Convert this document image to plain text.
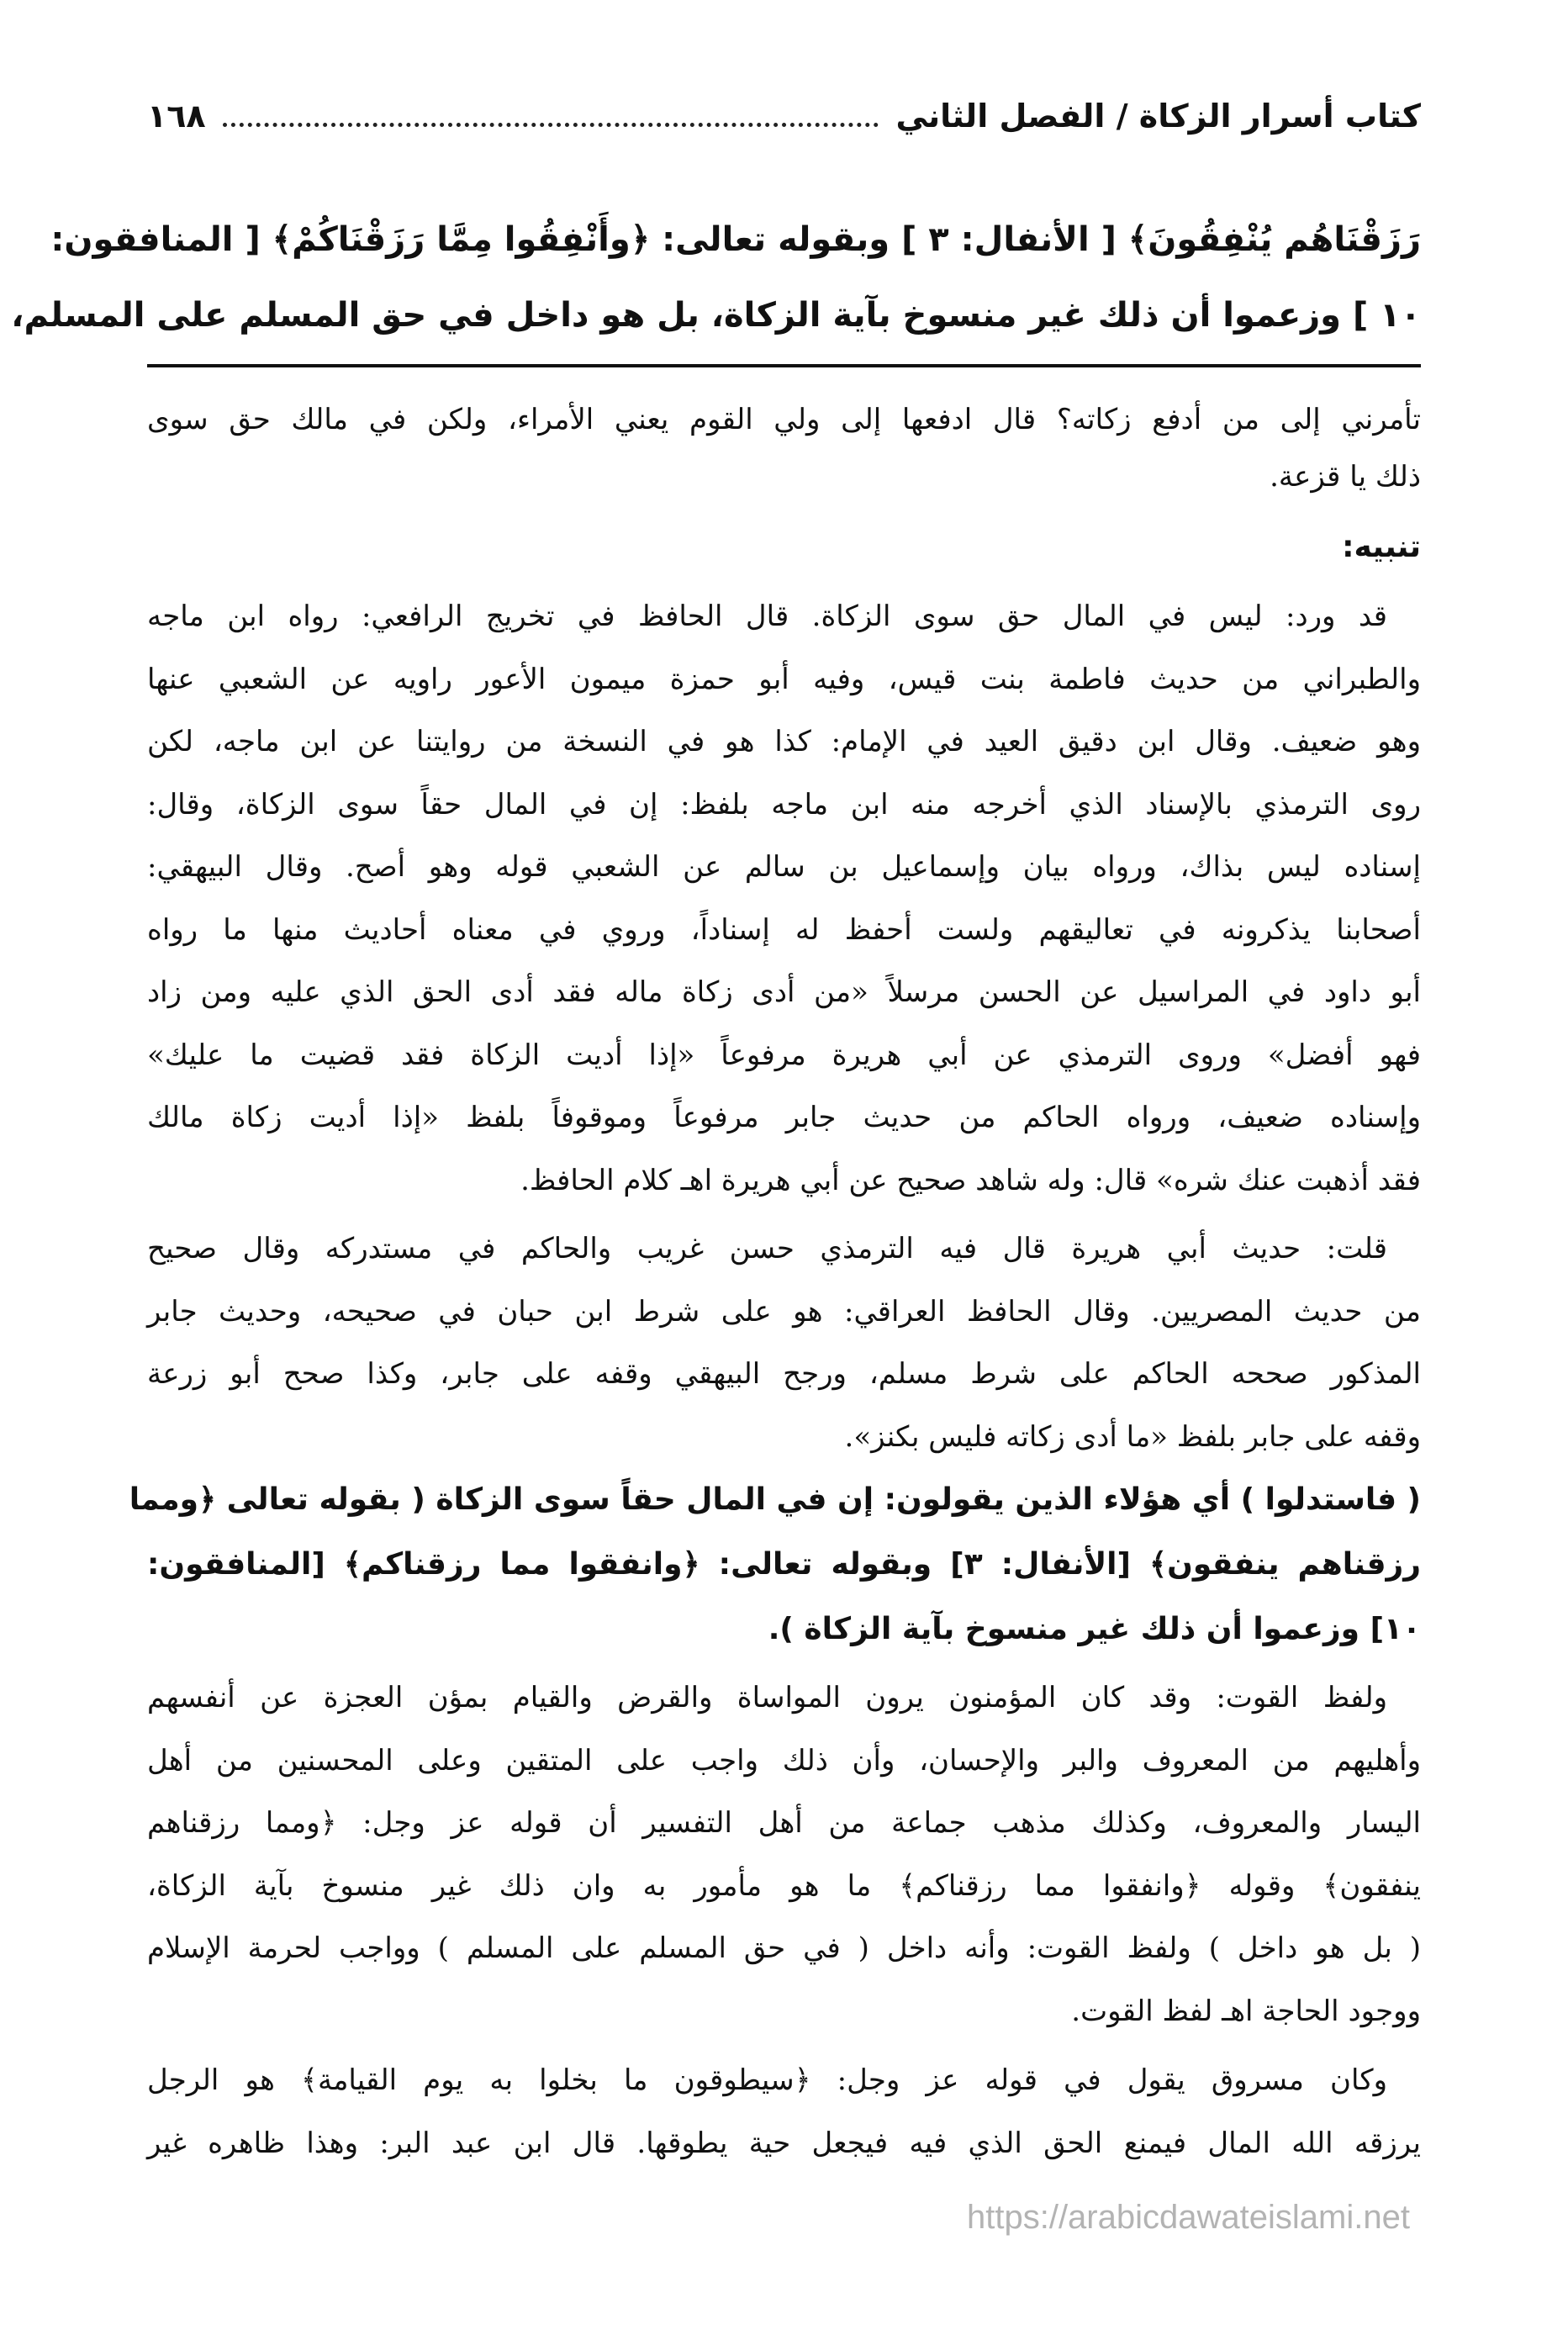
كتاب أسرار الزكاة / الفصل الثاني
١٦٨
رَزَقْنَاهُم يُنْفِقُونَ﴾ [ الأنفال: ٣ ] وبقوله تعالى: ﴿وأَنْفِقُوا مِمَّا رَزَقْنَاكُمْ﴾ [ المنافقون:
١٠ ] وزعموا أن ذلك غير منسوخ بآية الزكاة، بل هو داخل في حق المسلم على المسلم،
تأمرني إلى من أدفع زكاته؟ قال ادفعها إلى ولي القوم يعني الأمراء، ولكن في مالك حق سوى
ذلك يا قزعة.
تنبيه:
قد ورد: ليس في المال حق سوى الزكاة. قال الحافظ في تخريج الرافعي: رواه ابن ماجه
والطبراني من حديث فاطمة بنت قيس، وفيه أبو حمزة ميمون الأعور راويه عن الشعبي عنها
وهو ضعيف. وقال ابن دقيق العيد في الإمام: كذا هو في النسخة من روايتنا عن ابن ماجه، لكن
روى الترمذي بالإسناد الذي أخرجه منه ابن ماجه بلفظ: إن في المال حقاً سوى الزكاة، وقال:
إسناده ليس بذاك، ورواه بيان وإسماعيل بن سالم عن الشعبي قوله وهو أصح. وقال البيهقي:
أصحابنا يذكرونه في تعاليقهم ولست أحفظ له إسناداً، وروي في معناه أحاديث منها ما رواه
أبو داود في المراسيل عن الحسن مرسلاً «من أدى زكاة ماله فقد أدى الحق الذي عليه ومن زاد
فهو أفضل» وروى الترمذي عن أبي هريرة مرفوعاً «إذا أديت الزكاة فقد قضيت ما عليك»
وإسناده ضعيف، ورواه الحاكم من حديث جابر مرفوعاً وموقوفاً بلفظ «إذا أديت زكاة مالك
فقد أذهبت عنك شره» قال: وله شاهد صحيح عن أبي هريرة اهـ كلام الحافظ.
قلت: حديث أبي هريرة قال فيه الترمذي حسن غريب والحاكم في مستدركه وقال صحيح
من حديث المصريين. وقال الحافظ العراقي: هو على شرط ابن حبان في صحيحه، وحديث جابر
المذكور صححه الحاكم على شرط مسلم، ورجح البيهقي وقفه على جابر، وكذا صحح أبو زرعة
وقفه على جابر بلفظ «ما أدى زكاته فليس بكنز».
( فاستدلوا ) أي هؤلاء الذين يقولون: إن في المال حقاً سوى الزكاة ( بقوله تعالى ﴿ومما
رزقناهم ينفقون﴾ [الأنفال: ٣] وبقوله تعالى: ﴿وانفقوا مما رزقناكم﴾ [المنافقون:
١٠] وزعموا أن ذلك غير منسوخ بآية الزكاة ).
ولفظ القوت: وقد كان المؤمنون يرون المواساة والقرض والقيام بمؤن العجزة عن أنفسهم
وأهليهم من المعروف والبر والإحسان، وأن ذلك واجب على المتقين وعلى المحسنين من أهل
اليسار والمعروف، وكذلك مذهب جماعة من أهل التفسير أن قوله عز وجل: ﴿ومما رزقناهم
ينفقون﴾ وقوله ﴿وانفقوا مما رزقناكم﴾ ما هو مأمور به وان ذلك غير منسوخ بآية الزكاة،
( بل هو داخل ) ولفظ القوت: وأنه داخل ( في حق المسلم على المسلم ) وواجب لحرمة الإسلام
ووجود الحاجة اهـ لفظ القوت.
وكان مسروق يقول في قوله عز وجل: ﴿سيطوقون ما بخلوا به يوم القيامة﴾ هو الرجل
يرزقه الله المال فيمنع الحق الذي فيه فيجعل حية يطوقها. قال ابن عبد البر: وهذا ظاهره غير
https://arabicdawateislami.net
